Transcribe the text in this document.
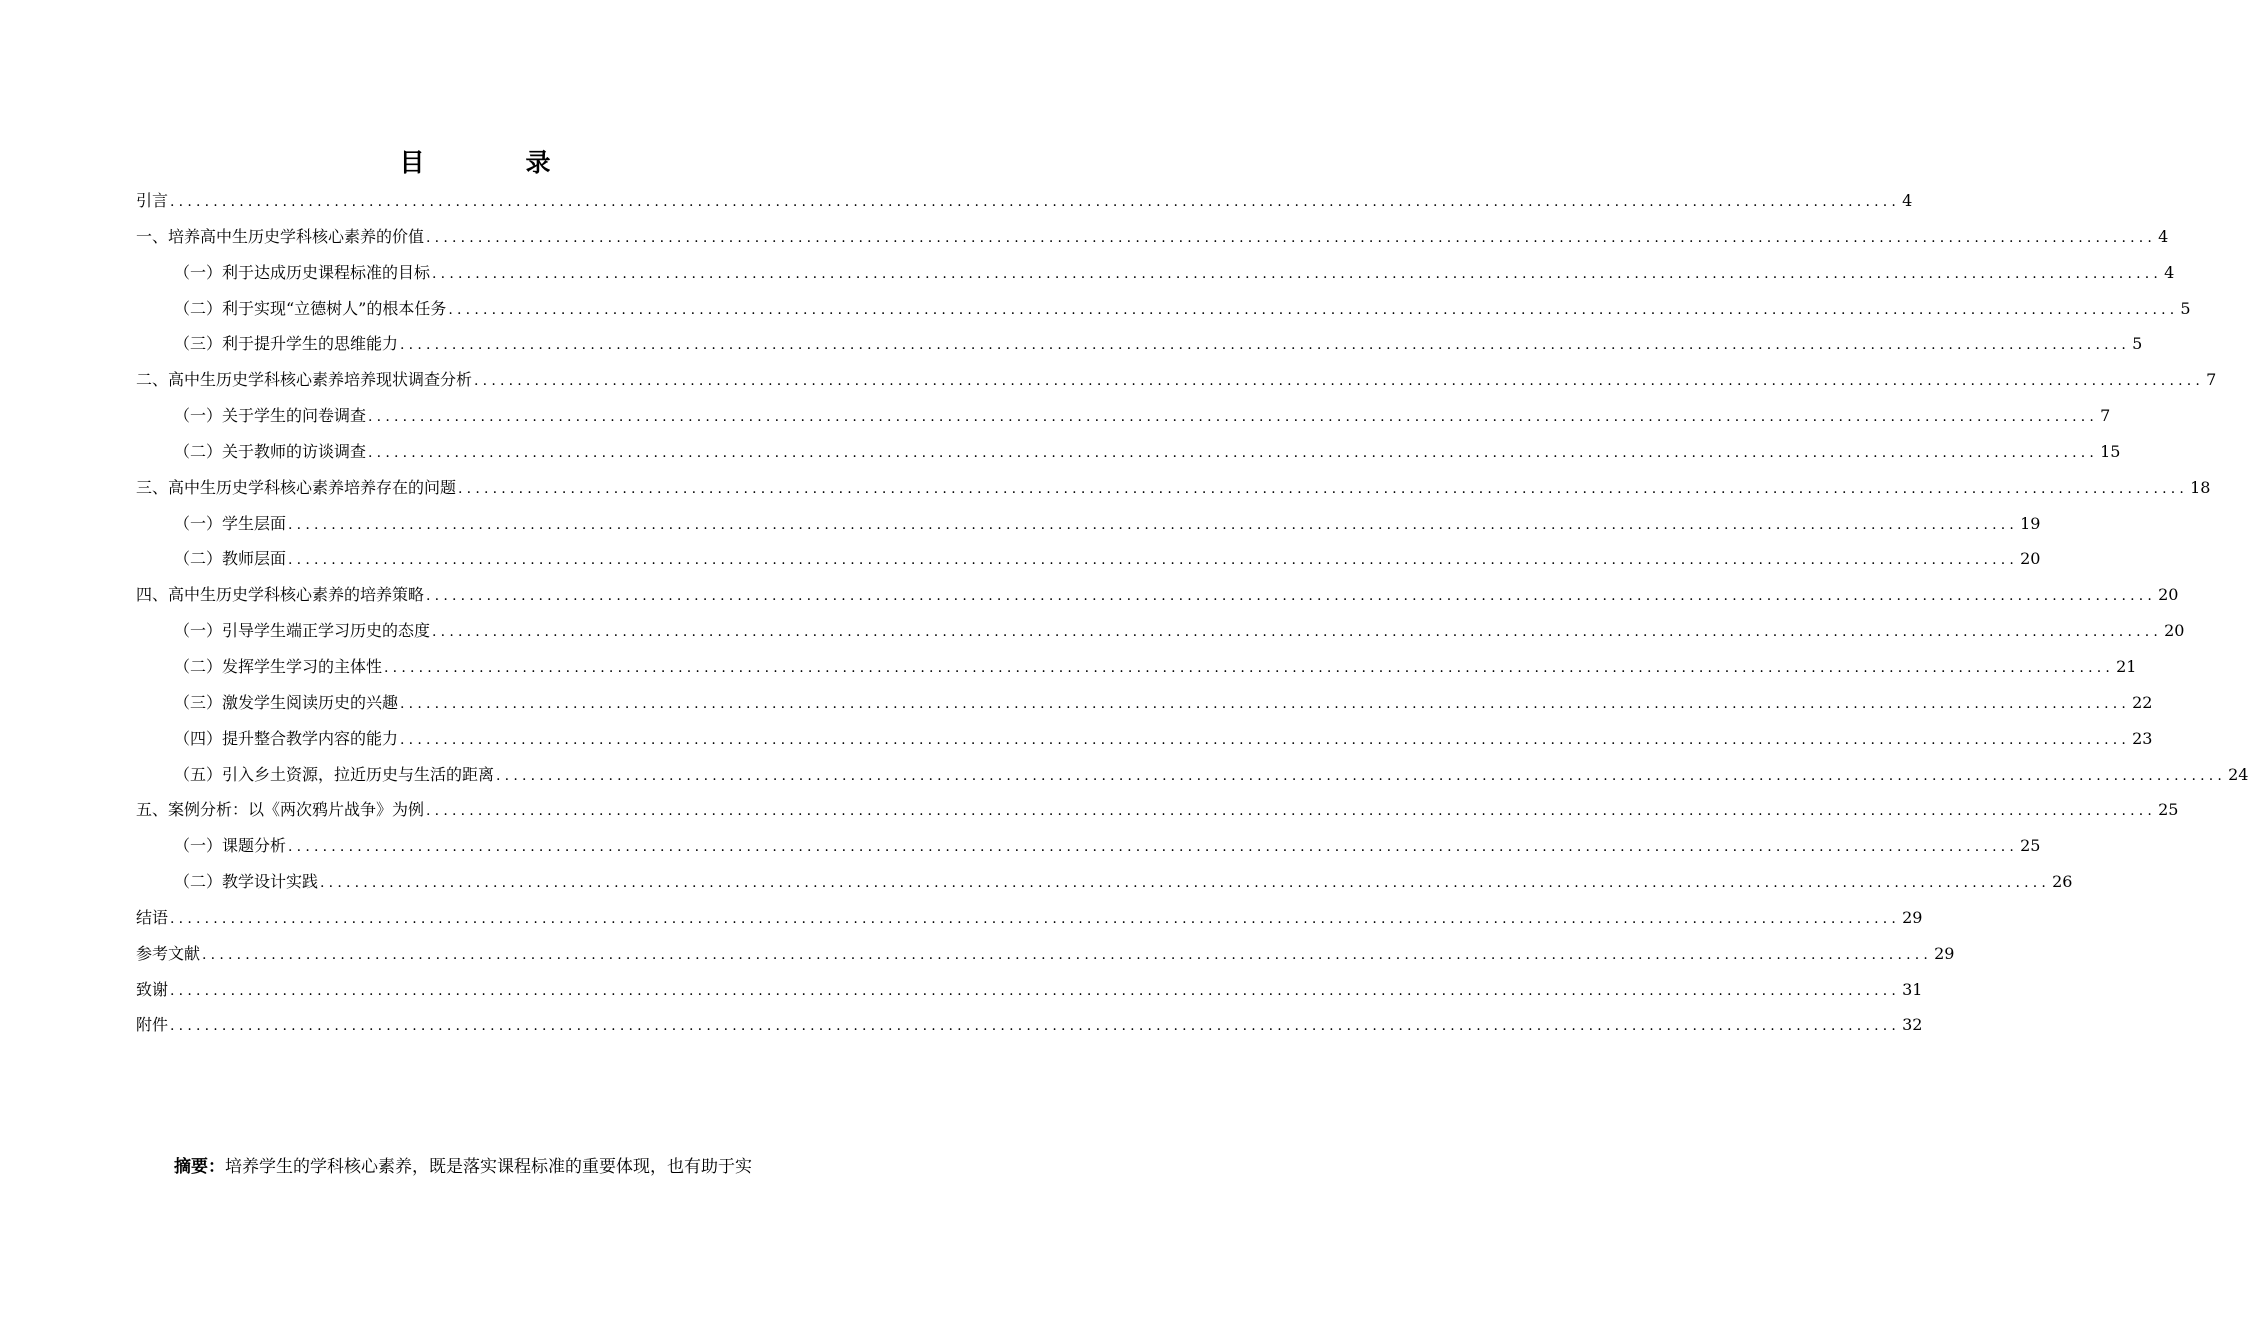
目　录
引言 ........................................................................................................................................................................................................ 4
一、培养高中生历史学科核心素养的价值 ........................................................................................................................................................................................................ 4
（一）利于达成历史课程标准的目标 ........................................................................................................................................................................................................ 4
（二）利于实现“立德树人”的根本任务 ........................................................................................................................................................................................................ 5
（三）利于提升学生的思维能力 ........................................................................................................................................................................................................ 5
二、高中生历史学科核心素养培养现状调查分析 ........................................................................................................................................................................................................ 7
（一）关于学生的问卷调查 ........................................................................................................................................................................................................ 7
（二）关于教师的访谈调查 ........................................................................................................................................................................................................ 15
三、高中生历史学科核心素养培养存在的问题 ........................................................................................................................................................................................................ 18
（一）学生层面 ........................................................................................................................................................................................................ 19
（二）教师层面 ........................................................................................................................................................................................................ 20
四、高中生历史学科核心素养的培养策略 ........................................................................................................................................................................................................ 20
（一）引导学生端正学习历史的态度 ........................................................................................................................................................................................................ 20
（二）发挥学生学习的主体性 ........................................................................................................................................................................................................ 21
（三）激发学生阅读历史的兴趣 ........................................................................................................................................................................................................ 22
（四）提升整合教学内容的能力 ........................................................................................................................................................................................................ 23
（五）引入乡土资源，拉近历史与生活的距离 ........................................................................................................................................................................................................ 24
五、案例分析：以《两次鸦片战争》为例 ........................................................................................................................................................................................................ 25
（一）课题分析 ........................................................................................................................................................................................................ 25
（二）教学设计实践 ........................................................................................................................................................................................................ 26
结语 ........................................................................................................................................................................................................ 29
参考文献 ........................................................................................................................................................................................................ 29
致谢 ........................................................................................................................................................................................................ 31
附件 ........................................................................................................................................................................................................ 32
摘要：培养学生的学科核心素养，既是落实课程标准的重要体现，也有助于实
